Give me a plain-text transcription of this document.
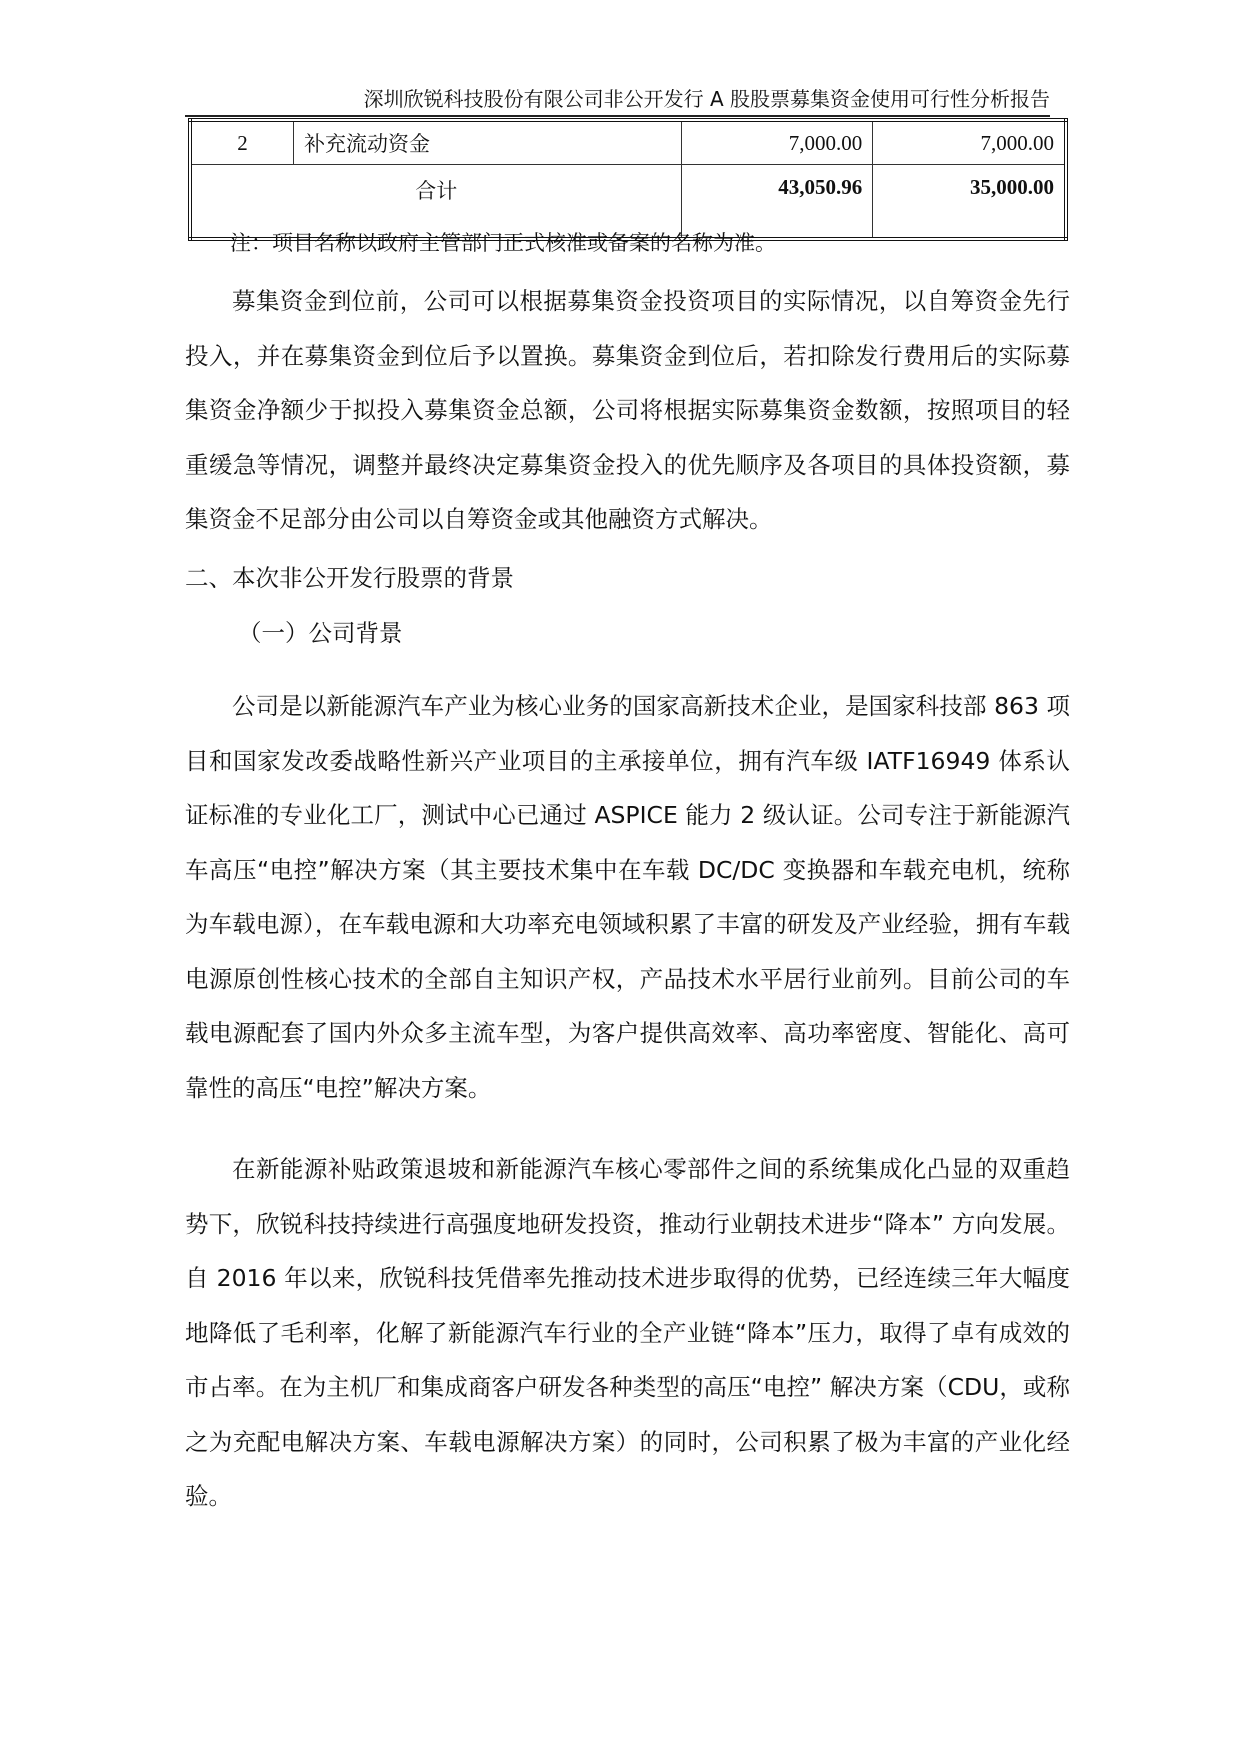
深圳欣锐科技股份有限公司非公开发行 A 股股票募集资金使用可行性分析报告
2	补充流动资金	7,000.00	7,000.00
合计		43,050.96	35,000.00
注：项目名称以政府主管部门正式核准或备案的名称为准。

募集资金到位前，公司可以根据募集资金投资项目的实际情况，以自筹资金先行投入，并在募集资金到位后予以置换。募集资金到位后，若扣除发行费用后的实际募集资金净额少于拟投入募集资金总额，公司将根据实际募集资金数额，按照项目的轻重缓急等情况，调整并最终决定募集资金投入的优先顺序及各项目的具体投资额，募集资金不足部分由公司以自筹资金或其他融资方式解决。

二、本次非公开发行股票的背景
（一）公司背景

公司是以新能源汽车产业为核心业务的国家高新技术企业，是国家科技部 863 项目和国家发改委战略性新兴产业项目的主承接单位，拥有汽车级 IATF16949 体系认证标准的专业化工厂，测试中心已通过 ASPICE 能力 2 级认证。公司专注于新能源汽车高压“电控”解决方案（其主要技术集中在车载 DC/DC 变换器和车载充电机，统称为车载电源），在车载电源和大功率充电领域积累了丰富的研发及产业经验，拥有车载电源原创性核心技术的全部自主知识产权，产品技术水平居行业前列。目前公司的车载电源配套了国内外众多主流车型，为客户提供高效率、高功率密度、智能化、高可靠性的高压“电控”解决方案。

在新能源补贴政策退坡和新能源汽车核心零部件之间的系统集成化凸显的双重趋势下，欣锐科技持续进行高强度地研发投资，推动行业朝技术进步“降本” 方向发展。自 2016 年以来，欣锐科技凭借率先推动技术进步取得的优势，已经连续三年大幅度地降低了毛利率，化解了新能源汽车行业的全产业链“降本”压力，取得了卓有成效的市占率。在为主机厂和集成商客户研发各种类型的高压“电控” 解决方案（CDU，或称之为充配电解决方案、车载电源解决方案）的同时，公司积累了极为丰富的产业化经验。
